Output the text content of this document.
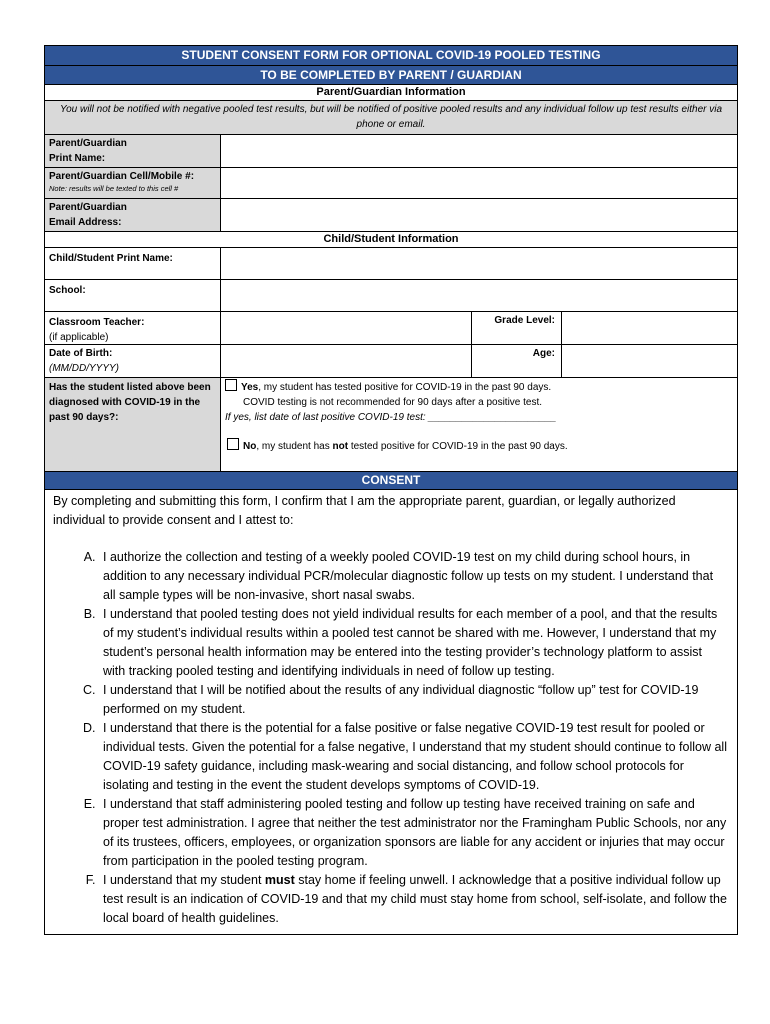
STUDENT CONSENT FORM FOR OPTIONAL COVID-19 POOLED TESTING
TO BE COMPLETED BY PARENT / GUARDIAN
Parent/Guardian Information
You will not be notified with negative pooled test results, but will be notified of positive pooled results and any individual follow up test results either via phone or email.
Parent/Guardian
Print Name:
Parent/Guardian Cell/Mobile #:
Note: results will be texted to this cell #
Parent/Guardian
Email Address:
Child/Student Information
Child/Student Print Name:
School:
Classroom Teacher:
(if applicable)
Grade Level:
Date of Birth:
(MM/DD/YYYY)
Age:
Has the student listed above been diagnosed with COVID-19 in the past 90 days?:
Yes, my student has tested positive for COVID-19 in the past 90 days.
COVID testing is not recommended for 90 days after a positive test.
If yes, list date of last positive COVID-19 test: _______________________
No, my student has not tested positive for COVID-19 in the past 90 days.
CONSENT
By completing and submitting this form, I confirm that I am the appropriate parent, guardian, or legally authorized individual to provide consent and I attest to:
A. I authorize the collection and testing of a weekly pooled COVID-19 test on my child during school hours, in addition to any necessary individual PCR/molecular diagnostic follow up tests on my student. I understand that all sample types will be non-invasive, short nasal swabs.
B. I understand that pooled testing does not yield individual results for each member of a pool, and that the results of my student’s individual results within a pooled test cannot be shared with me. However, I understand that my student’s personal health information may be entered into the testing provider’s technology platform to assist with tracking pooled testing and identifying individuals in need of follow up testing.
C. I understand that I will be notified about the results of any individual diagnostic “follow up” test for COVID-19 performed on my student.
D. I understand that there is the potential for a false positive or false negative COVID-19 test result for pooled or individual tests. Given the potential for a false negative, I understand that my student should continue to follow all COVID-19 safety guidance, including mask-wearing and social distancing, and follow school protocols for isolating and testing in the event the student develops symptoms of COVID-19.
E. I understand that staff administering pooled testing and follow up testing have received training on safe and proper test administration. I agree that neither the test administrator nor the Framingham Public Schools, nor any of its trustees, officers, employees, or organization sponsors are liable for any accident or injuries that may occur from participation in the pooled testing program.
F. I understand that my student must stay home if feeling unwell. I acknowledge that a positive individual follow up test result is an indication of COVID-19 and that my child must stay home from school, self-isolate, and follow the local board of health guidelines.
